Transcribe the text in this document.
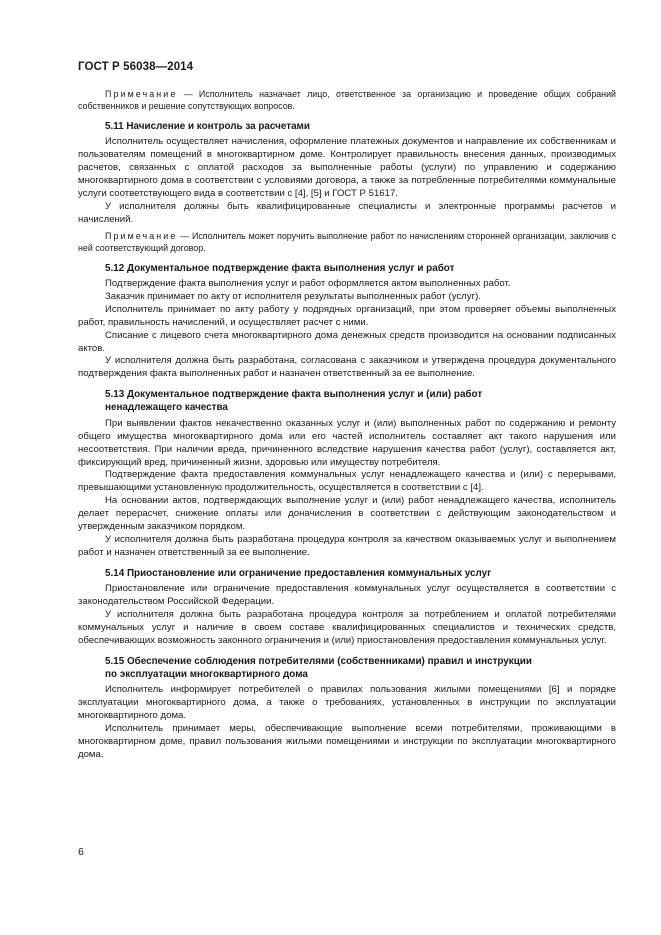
ГОСТ Р 56038—2014

Примечание — Исполнитель назначает лицо, ответственное за организацию и проведение общих собраний собственников и решение сопутствующих вопросов.

5.11 Начисление и контроль за расчетами

Исполнитель осуществляет начисления, оформление платежных документов и направление их собственникам и пользователям помещений в многоквартирном доме. Контролирует правильность внесения данных, производимых расчетов, связанных с оплатой расходов за выполненные работы (услуги) по управлению и содержанию многоквартирного дома в соответствии с условиями договора, а также за потребленные потребителями коммунальные услуги соответствующего вида в соответствии с [4], [5] и ГОСТ Р 51617.

У исполнителя должны быть квалифицированные специалисты и электронные программы расчетов и начислений.

Примечание — Исполнитель может поручить выполнение работ по начислениям сторонней организации, заключив с ней соответствующий договор.

5.12 Документальное подтверждение факта выполнения услуг и работ

Подтверждение факта выполнения услуг и работ оформляется актом выполненных работ.

Заказчик принимает по акту от исполнителя результаты выполненных работ (услуг).

Исполнитель принимает по акту работу у подрядных организаций, при этом проверяет объемы выполненных работ, правильность начислений, и осуществляет расчет с ними.

Списание с лицевого счета многоквартирного дома денежных средств производится на основании подписанных актов.

У исполнителя должна быть разработана, согласована с заказчиком и утверждена процедура документального подтверждения факта выполненных работ и назначен ответственный за ее выполнение.

5.13 Документальное подтверждение факта выполнения услуг и (или) работ
ненадлежащего качества

При выявлении фактов некачественно оказанных услуг и (или) выполненных работ по содержанию и ремонту общего имущества многоквартирного дома или его частей исполнитель составляет акт такого нарушения или несоответствия. При наличии вреда, причиненного вследствие нарушения качества работ (услуг), составляется акт, фиксирующий вред, причиненный жизни, здоровью или имуществу потребителя.

Подтверждение факта предоставления коммунальных услуг ненадлежащего качества и (или) с перерывами, превышающими установленную продолжительность, осуществляется в соответствии с [4].

На основании актов, подтверждающих выполнение услуг и (или) работ ненадлежащего качества, исполнитель делает перерасчет, снижение оплаты или доначисления в соответствии с действующим законодательством и утвержденным заказчиком порядком.

У исполнителя должна быть разработана процедура контроля за качеством оказываемых услуг и выполнением работ и назначен ответственный за ее выполнение.

5.14 Приостановление или ограничение предоставления коммунальных услуг

Приостановление или ограничение предоставления коммунальных услуг осуществляется в соответствии с законодательством Российской Федерации.

У исполнителя должна быть разработана процедура контроля за потреблением и оплатой потребителями коммунальных услуг и наличие в своем составе квалифицированных специалистов и технических средств, обеспечивающих возможность законного ограничения и (или) приостановления предоставления коммунальных услуг.

5.15 Обеспечение соблюдения потребителями (собственниками) правил и инструкции
по эксплуатации многоквартирного дома

Исполнитель информирует потребителей о правилах пользования жилыми помещениями [6] и порядке эксплуатации многоквартирного дома, а также о требованиях, установленных в инструкции по эксплуатации многоквартирного дома.

Исполнитель принимает меры, обеспечивающие выполнение всеми потребителями, проживающими в многоквартирном доме, правил пользования жилыми помещениями и инструкции по эксплуатации многоквартирного дома.

6
